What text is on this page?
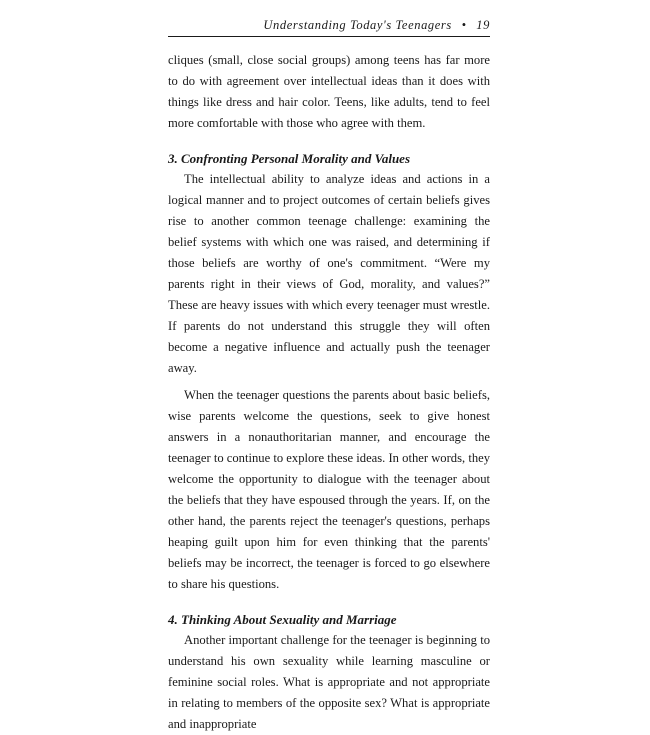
Understanding Today's Teenagers • 19

cliques (small, close social groups) among teens has far more to do with agreement over intellectual ideas than it does with things like dress and hair color. Teens, like adults, tend to feel more comfortable with those who agree with them.

3. Confronting Personal Morality and Values

The intellectual ability to analyze ideas and actions in a logical manner and to project outcomes of certain beliefs gives rise to another common teenage challenge: examining the belief systems with which one was raised, and determining if those beliefs are worthy of one's commitment. “Were my parents right in their views of God, morality, and values?” These are heavy issues with which every teenager must wrestle. If parents do not understand this struggle they will often become a negative influence and actually push the teenager away.

When the teenager questions the parents about basic beliefs, wise parents welcome the questions, seek to give honest answers in a nonauthoritarian manner, and encourage the teenager to continue to explore these ideas. In other words, they welcome the opportunity to dialogue with the teenager about the beliefs that they have espoused through the years. If, on the other hand, the parents reject the teenager's questions, perhaps heaping guilt upon him for even thinking that the parents' beliefs may be incorrect, the teenager is forced to go elsewhere to share his questions.

4. Thinking About Sexuality and Marriage

Another important challenge for the teenager is beginning to understand his own sexuality while learning masculine or feminine social roles. What is appropriate and not appropriate in relating to members of the opposite sex? What is appropriate and inappropriate
